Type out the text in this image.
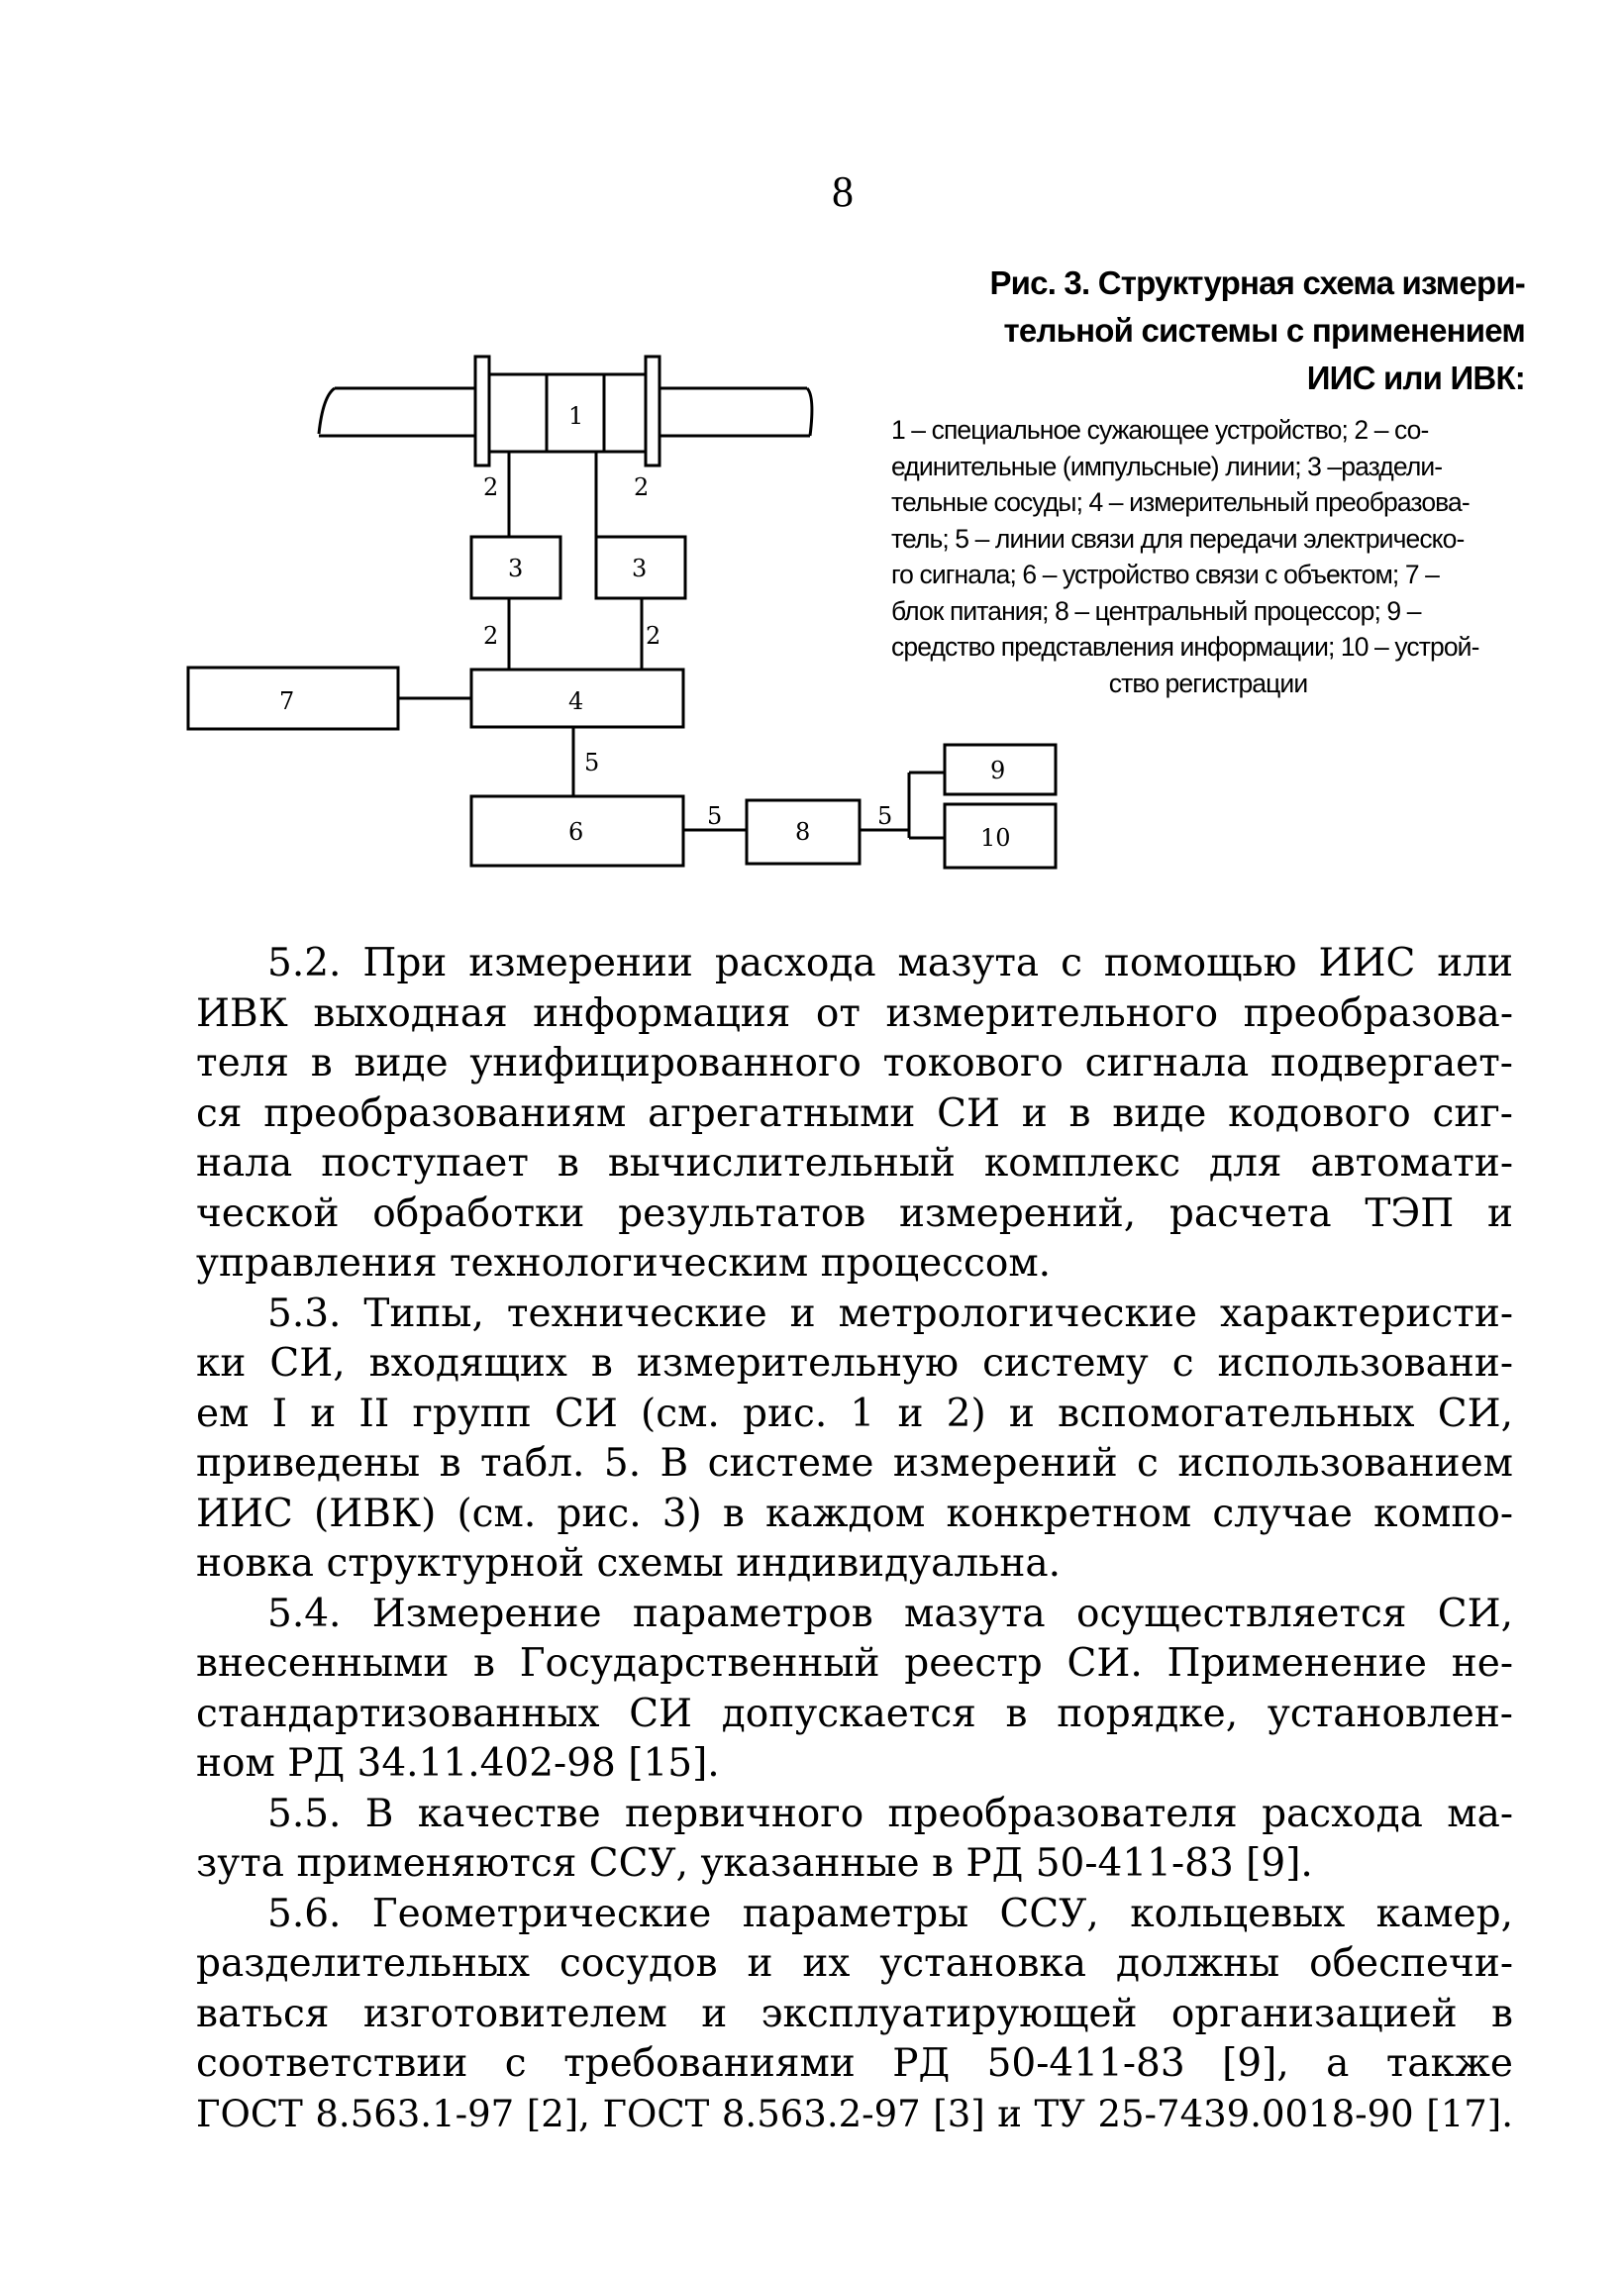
8
1
2	2
3	3
2	2
4
7
5
6
5
8
5
9
10
Рис. 3. Структурная схема измери-
тельной системы с применением
ИИС или ИВК:
1 – специальное сужающее устройство; 2 – со-
единительные (импульсные) линии; 3 –раздели-
тельные сосуды; 4 – измерительный преобразова-
тель; 5 – линии связи для передачи электрическо-
го сигнала; 6 – устройство связи с объектом; 7 –
блок питания; 8 – центральный процессор; 9 –
средство представления информации; 10 – устрой-
ство регистрации
5.2. При измерении расхода мазута с помощью ИИС или
ИВК выходная информация от измерительного преобразова-
теля в виде унифицированного токового сигнала подвергает-
ся преобразованиям агрегатными СИ и в виде кодового сиг-
нала поступает в вычислительный комплекс для автомати-
ческой обработки результатов измерений, расчета ТЭП и
управления технологическим процессом.
5.3. Типы, технические и метрологические характеристи-
ки СИ, входящих в измерительную систему с использовани-
ем I и II групп СИ (см. рис. 1 и 2) и вспомогательных СИ,
приведены в табл. 5. В системе измерений с использованием
ИИС (ИВК) (см. рис. 3) в каждом конкретном случае компо-
новка структурной схемы индивидуальна.
5.4. Измерение параметров мазута осуществляется СИ,
внесенными в Государственный реестр СИ. Применение не-
стандартизованных СИ допускается в порядке, установлен-
ном РД 34.11.402-98 [15].
5.5. В качестве первичного преобразователя расхода ма-
зута применяются ССУ, указанные в РД 50-411-83 [9].
5.6. Геометрические параметры ССУ, кольцевых камер,
разделительных сосудов и их установка должны обеспечи-
ваться изготовителем и эксплуатирующей организацией в
соответствии с требованиями РД 50-411-83 [9], а также
ГОСТ 8.563.1-97 [2], ГОСТ 8.563.2-97 [3] и ТУ 25-7439.0018-90 [17].
